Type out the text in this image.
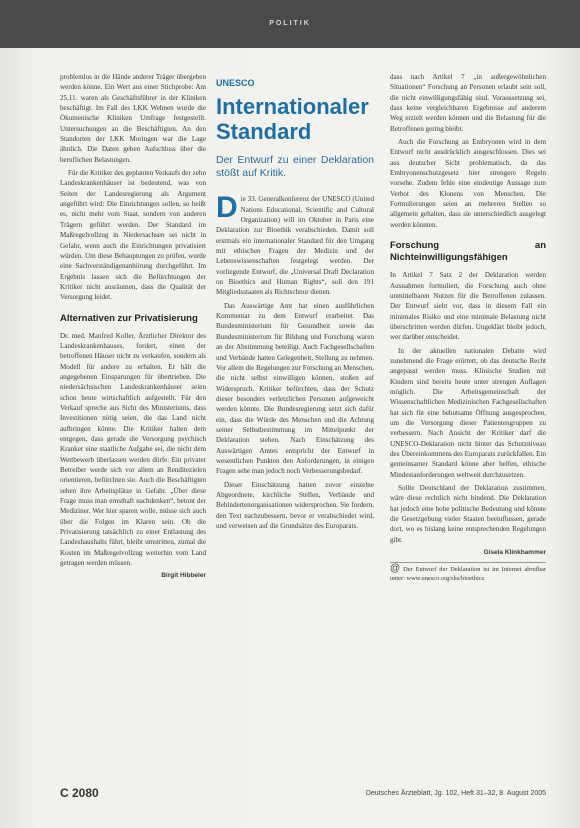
POLITIK

problemlos in die Hände anderer Träger übergeben werden könne. Ein Wert aus einer Stichprobe: Am 25.11. waren als Geschäftsführer in der Kliniken beschäftigt. Im Fall des LKK Wehnen wurde die Ökumenische Kliniken Umfrage festgestellt. Untersuchungen an die Beschäftigten. An den Standorten der LKK Moringen war die Lage ähnlich. Die Daten geben Aufschluss über die beruflichen Belastungen.

Für die Kritiker des geplanten Verkaufs der zehn Landeskrankenhäuser ist bedeutend, was von Seiten der Landesregierung als Argument angeführt wird: Die Einrichtungen sollen, so heißt es, nicht mehr vom Staat, sondern von anderen Trägern geführt werden. Der Standard im Maßregelvollzug in Niedersachsen sei nicht in Gefahr, wenn auch die Einrichtungen privatisiert würden. Um diese Behauptungen zu prüfen, wurde eine Sachverständigenanhörung durchgeführt. Im Ergebnis lassen sich die Befürchtungen der Kritiker nicht ausräumen, dass die Qualität der Versorgung leidet.

Alternativen zur Privatisierung

Dr. med. Manfred Koller, Ärztlicher Direktor des Landeskrankenhauses, fordert, einen der betroffenen Häuser nicht zu verkaufen, sondern als Modell für andere zu erhalten. Er hält die angegebenen Einsparungen für übertrieben. Die niedersächsischen Landeskrankenhäuser seien schon heute wirtschaftlich aufgestellt. Für den Verkauf spreche aus Sicht des Ministeriums, dass Investitionen nötig seien, die das Land nicht aufbringen könne. Die Kritiker halten dem entgegen, dass gerade die Versorgung psychisch Kranker eine staatliche Aufgabe sei, die nicht dem Wettbewerb überlassen werden dürfe. Ein privater Betreiber werde sich vor allem an Renditezielen orientieren, befürchten sie. Auch die Beschäftigten sehen ihre Arbeitsplätze in Gefahr. „Über diese Frage muss man ernsthaft nachdenken“, betont der Mediziner. Wer hier sparen wolle, müsse sich auch über die Folgen im Klaren sein. Ob die Privatisierung tatsächlich zu einer Entlastung des Landeshaushalts führt, bleibt umstritten, zumal die Kosten im Maßregelvollzug weiterhin vom Land getragen werden müssen.

Birgit Hibbeler
UNESCO
Internationaler Standard
Der Entwurf zu einer Deklaration stößt auf Kritik.

Die 33. Generalkonferenz der UNESCO (United Nations Educational, Scientific and Cultural Organization) will im Oktober in Paris eine Deklaration zur Bioethik verabschieden. Damit soll erstmals ein internationaler Standard für den Umgang mit ethischen Fragen der Medizin und der Lebenswissenschaften festgelegt werden. Der vorliegende Entwurf, die „Universal Draft Declaration on Bioethics and Human Rights“, soll den 191 Mitgliedsstaaten als Richtschnur dienen.

Das Auswärtige Amt hat einen ausführlichen Kommentar zu dem Entwurf erarbeitet. Das Bundesministerium für Gesundheit sowie das Bundesministerium für Bildung und Forschung waren an der Abstimmung beteiligt. Auch Fachgesellschaften und Verbände hatten Gelegenheit, Stellung zu nehmen. Vor allem die Regelungen zur Forschung an Menschen, die nicht selbst einwilligen können, stoßen auf Widerspruch. Kritiker befürchten, dass der Schutz dieser besonders verletzlichen Personen aufgeweicht werden könnte. Die Bundesregierung setzt sich dafür ein, dass die Würde des Menschen und die Achtung seiner Selbstbestimmung im Mittelpunkt der Deklaration stehen. Nach Einschätzung des Auswärtigen Amtes entspricht der Entwurf in wesentlichen Punkten den Anforderungen, in einigen Fragen sehe man jedoch noch Verbesserungsbedarf.

Dieser Einschätzung hatten zuvor einzelne Abgeordnete, kirchliche Stellen, Verbände und Behindertenorganisationen widersprochen. Sie fordern, den Text nachzubessern, bevor er verabschiedet wird, und verweisen auf die Grundsätze des Europarats.

dass nach Artikel 7 „in außergewöhnlichen Situationen“ Forschung an Personen erlaubt sein soll, die nicht einwilligungsfähig sind. Voraussetzung sei, dass keine vergleichbaren Ergebnisse auf anderem Weg erzielt werden können und die Belastung für die Betroffenen gering bleibt.

Auch die Forschung an Embryonen wird in dem Entwurf nicht ausdrücklich ausgeschlossen. Dies sei aus deutscher Sicht problematisch, da das Embryonenschutzgesetz hier strengere Regeln vorsehe. Zudem fehle eine eindeutige Aussage zum Verbot des Klonens von Menschen. Die Formulierungen seien an mehreren Stellen so allgemein gehalten, dass sie unterschiedlich ausgelegt werden könnten.

Forschung an Nichteinwilligungsfähigen

In Artikel 7 Satz 2 der Deklaration werden Ausnahmen formuliert, die Forschung auch ohne unmittelbaren Nutzen für die Betroffenen zulassen. Der Entwurf sieht vor, dass in diesem Fall ein minimales Risiko und eine minimale Belastung nicht überschritten werden dürfen. Ungeklärt bleibt jedoch, wer darüber entscheidet.

In der aktuellen nationalen Debatte wird zunehmend die Frage erörtert, ob das deutsche Recht angepasst werden muss. Klinische Studien mit Kindern sind bereits heute unter strengen Auflagen möglich. Die Arbeitsgemeinschaft der Wissenschaftlichen Medizinischen Fachgesellschaften hat sich für eine behutsame Öffnung ausgesprochen, um die Versorgung dieser Patientengruppen zu verbessern. Nach Ansicht der Kritiker darf die UNESCO-Deklaration nicht hinter das Schutzniveau des Übereinkommens des Europarats zurückfallen. Ein gemeinsamer Standard könne aber helfen, ethische Mindestanforderungen weltweit durchzusetzen.

Sollte Deutschland der Deklaration zustimmen, wäre diese rechtlich nicht bindend. Die Deklaration hat jedoch eine hohe politische Bedeutung und könnte die Gesetzgebung vieler Staaten beeinflussen, gerade dort, wo es bislang keine entsprechenden Regelungen gibt.

Gisela Klinkhammer
@ Der Entwurf der Deklaration ist im Internet abrufbar unter: www.unesco.org/shs/bioethics
C 2080	Deutsches Ärzteblatt, Jg. 102, Heft 31–32, 8. August 2005
